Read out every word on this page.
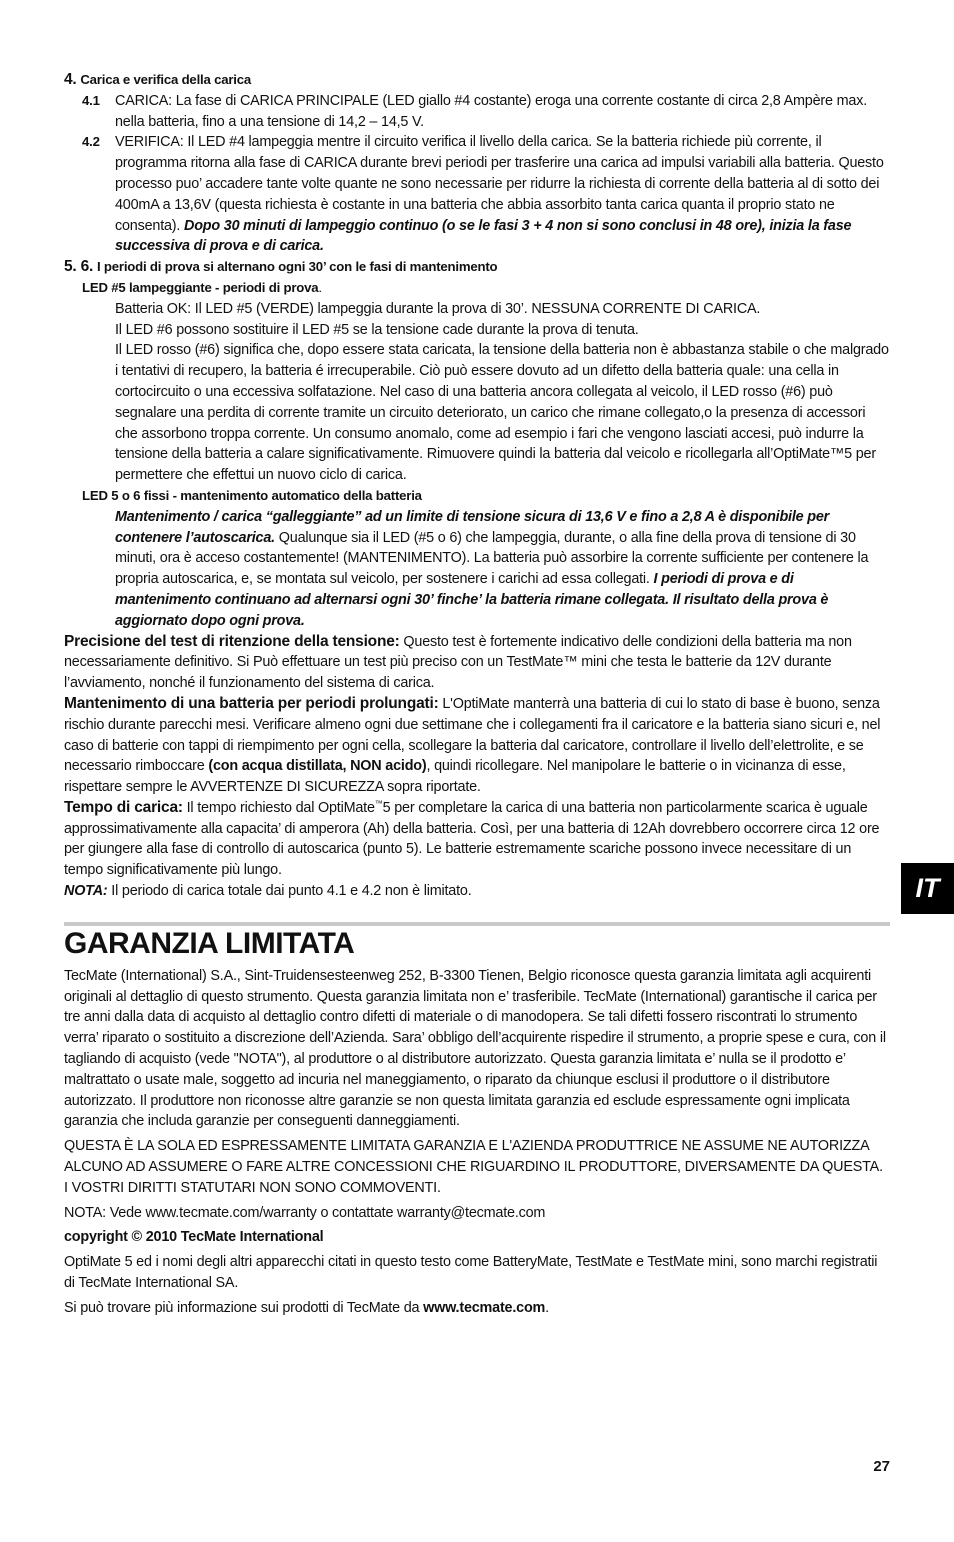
4. Carica e verifica della carica

4.1 CARICA: La fase di CARICA PRINCIPALE (LED giallo #4 costante) eroga una corrente costante di circa 2,8 Ampère max. nella batteria, fino a una tensione di 14,2 – 14,5 V.
4.2 VERIFICA: Il LED #4 lampeggia mentre il circuito verifica il livello della carica. Se la batteria richiede più corrente, il programma ritorna alla fase di CARICA durante brevi periodi per trasferire una carica ad impulsi variabili alla batteria. Questo processo puo’ accadere tante volte quante ne sono necessarie per ridurre la richiesta di corrente della batteria al di sotto dei 400mA a 13,6V (questa richiesta è costante in una batteria che abbia assorbito tanta carica quanta il proprio stato ne consenta). Dopo 30 minuti di lampeggio continuo (o se le fasi 3 + 4 non si sono conclusi in 48 ore), inizia la fase successiva di prova e di carica.

5. 6. I periodi di prova si alternano ogni 30’ con le fasi di mantenimento

LED #5 lampeggiante - periodi di prova.

Batteria OK: Il LED #5 (VERDE) lampeggia durante la prova di 30’. NESSUNA CORRENTE DI CARICA.

Il LED #6 possono sostituire il LED #5 se la tensione cade durante la prova di tenuta.

Il LED rosso (#6) significa che, dopo essere stata caricata, la tensione della batteria non è abbastanza stabile o che malgrado i tentativi di recupero, la batteria é irrecuperabile. Ciò può essere dovuto ad un difetto della batteria quale: una cella in cortocircuito o una eccessiva solfatazione. Nel caso di una batteria ancora collegata al veicolo, il LED rosso (#6) può segnalare una perdita di corrente tramite un circuito deteriorato, un carico che rimane collegato,o la presenza di accessori che assorbono troppa corrente. Un consumo anomalo, come ad esempio i fari che vengono lasciati accesi, può indurre la tensione della batteria a calare significativamente. Rimuovere quindi la batteria dal veicolo e ricollegarla all’OptiMate™5 per permettere che effettui un nuovo ciclo di carica.

LED 5 o 6 fissi - mantenimento automatico della batteria

Mantenimento / carica “galleggiante” ad un limite di tensione sicura di 13,6 V e fino a 2,8 A è disponibile per contenere l’autoscarica. Qualunque sia il LED (#5 o 6) che lampeggia, durante, o alla fine della prova di tensione di 30 minuti, ora è acceso costantemente! (MANTENIMENTO). La batteria può assorbire la corrente sufficiente per contenere la propria autoscarica, e, se montata sul veicolo, per sostenere i carichi ad essa collegati. I periodi di prova e di mantenimento continuano ad alternarsi ogni 30’ finche’ la batteria rimane collegata. Il risultato della prova è aggiornato dopo ogni prova.

Precisione del test di ritenzione della tensione: Questo test è fortemente indicativo delle condizioni della batteria ma non necessariamente definitivo. Si Può effettuare un test più preciso con un TestMate™ mini che testa le batterie da 12V durante l’avviamento, nonché il funzionamento del sistema di carica.

Mantenimento di una batteria per periodi prolungati: L'OptiMate manterrà una batteria di cui lo stato di base è buono, senza rischio durante parecchi mesi. Verificare almeno ogni due settimane che i collegamenti fra il caricatore e la batteria siano sicuri e, nel caso di batterie con tappi di riempimento per ogni cella, scollegare la batteria dal caricatore, controllare il livello dell’elettrolite, e se necessario rimboccare (con acqua distillata, NON acido), quindi ricollegare. Nel manipolare le batterie o in vicinanza di esse, rispettare sempre le AVVERTENZE DI SICUREZZA sopra riportate.

Tempo di carica: Il tempo richiesto dal OptiMate™5 per completare la carica di una batteria non particolarmente scarica è uguale approssimativamente alla capacita’ di amperora (Ah) della batteria. Così, per una batteria di 12Ah dovrebbero occorrere circa 12 ore per giungere alla fase di controllo di autoscarica (punto 5). Le batterie estremamente scariche possono invece necessitare di un tempo significativamente più lungo.

NOTA: Il periodo di carica totale dai punto 4.1 e 4.2 non è limitato.

GARANZIA LIMITATA

TecMate (International) S.A., Sint-Truidensesteenweg 252, B-3300 Tienen, Belgio riconosce questa garanzia limitata agli acquirenti originali al dettaglio di questo strumento. Questa garanzia limitata non e’ trasferibile. TecMate (International) garantische il carica per tre anni dalla data di acquisto al dettaglio contro difetti di materiale o di manodopera. Se tali difetti fossero riscontrati lo strumento verra’ riparato o sostituito a discrezione dell’Azienda. Sara’ obbligo dell’acquirente rispedire il strumento, a proprie spese e cura, con il tagliando di acquisto (vede "NOTA"), al produttore o al distributore autorizzato. Questa garanzia limitata e’ nulla se il prodotto e’ maltrattato o usate male, soggetto ad incuria nel maneggiamento, o riparato da chiunque esclusi il produttore o il distributore autorizzato. Il produttore non riconosse altre garanzie se non questa limitata garanzia ed esclude espressamente ogni implicata garanzia che includa garanzie per conseguenti danneggiamenti.

QUESTA È LA SOLA ED ESPRESSAMENTE LIMITATA GARANZIA E L'AZIENDA PRODUTTRICE NE ASSUME NE AUTORIZZA ALCUNO AD ASSUMERE O FARE ALTRE CONCESSIONI CHE RIGUARDINO IL PRODUTTORE, DIVERSAMENTE DA QUESTA. I VOSTRI DIRITTI STATUTARI NON SONO COMMOVENTI.

NOTA: Vede www.tecmate.com/warranty o contattate warranty@tecmate.com

copyright © 2010 TecMate International

OptiMate 5 ed i nomi degli altri apparecchi citati in questo testo come BatteryMate, TestMate e TestMate mini, sono marchi registratii di TecMate International SA.

Si può trovare più informazione sui prodotti di TecMate da www.tecmate.com.

IT
27
